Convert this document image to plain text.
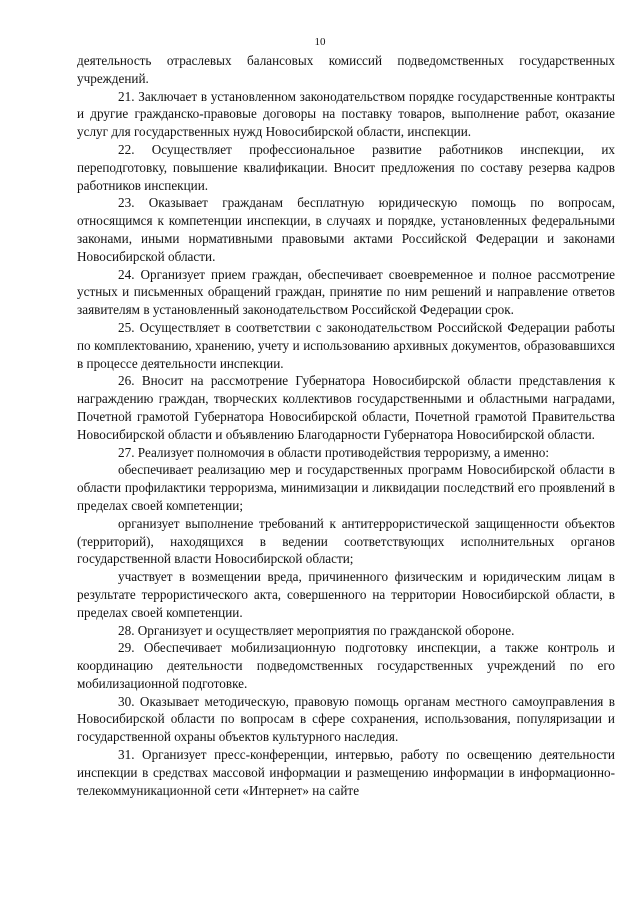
10

деятельность отраслевых балансовых комиссий подведомственных государственных учреждений.

21. Заключает в установленном законодательством порядке государственные контракты и другие гражданско-правовые договоры на поставку товаров, выполнение работ, оказание услуг для государственных нужд Новосибирской области, инспекции.

22. Осуществляет профессиональное развитие работников инспекции, их переподготовку, повышение квалификации. Вносит предложения по составу резерва кадров работников инспекции.

23. Оказывает гражданам бесплатную юридическую помощь по вопросам, относящимся к компетенции инспекции, в случаях и порядке, установленных федеральными законами, иными нормативными правовыми актами Российской Федерации и законами Новосибирской области.

24. Организует прием граждан, обеспечивает своевременное и полное рассмотрение устных и письменных обращений граждан, принятие по ним решений и направление ответов заявителям в установленный законодательством Российской Федерации срок.

25. Осуществляет в соответствии с законодательством Российской Федерации работы по комплектованию, хранению, учету и использованию архивных документов, образовавшихся в процессе деятельности инспекции.

26. Вносит на рассмотрение Губернатора Новосибирской области представления к награждению граждан, творческих коллективов государственными и областными наградами, Почетной грамотой Губернатора Новосибирской области, Почетной грамотой Правительства Новосибирской области и объявлению Благодарности Губернатора Новосибирской области.

27. Реализует полномочия в области противодействия терроризму, а именно:

обеспечивает реализацию мер и государственных программ Новосибирской области в области профилактики терроризма, минимизации и ликвидации последствий его проявлений в пределах своей компетенции;

организует выполнение требований к антитеррористической защищенности объектов (территорий), находящихся в ведении соответствующих исполнительных органов государственной власти Новосибирской области;

участвует в возмещении вреда, причиненного физическим и юридическим лицам в результате террористического акта, совершенного на территории Новосибирской области, в пределах своей компетенции.

28. Организует и осуществляет мероприятия по гражданской обороне.

29. Обеспечивает мобилизационную подготовку инспекции, а также контроль и координацию деятельности подведомственных государственных учреждений по его мобилизационной подготовке.

30. Оказывает методическую, правовую помощь органам местного самоуправления в Новосибирской области по вопросам в сфере сохранения, использования, популяризации и государственной охраны объектов культурного наследия.

31. Организует пресс-конференции, интервью, работу по освещению деятельности инспекции в средствах массовой информации и размещению информации в информационно-телекоммуникационной сети «Интернет» на сайте
